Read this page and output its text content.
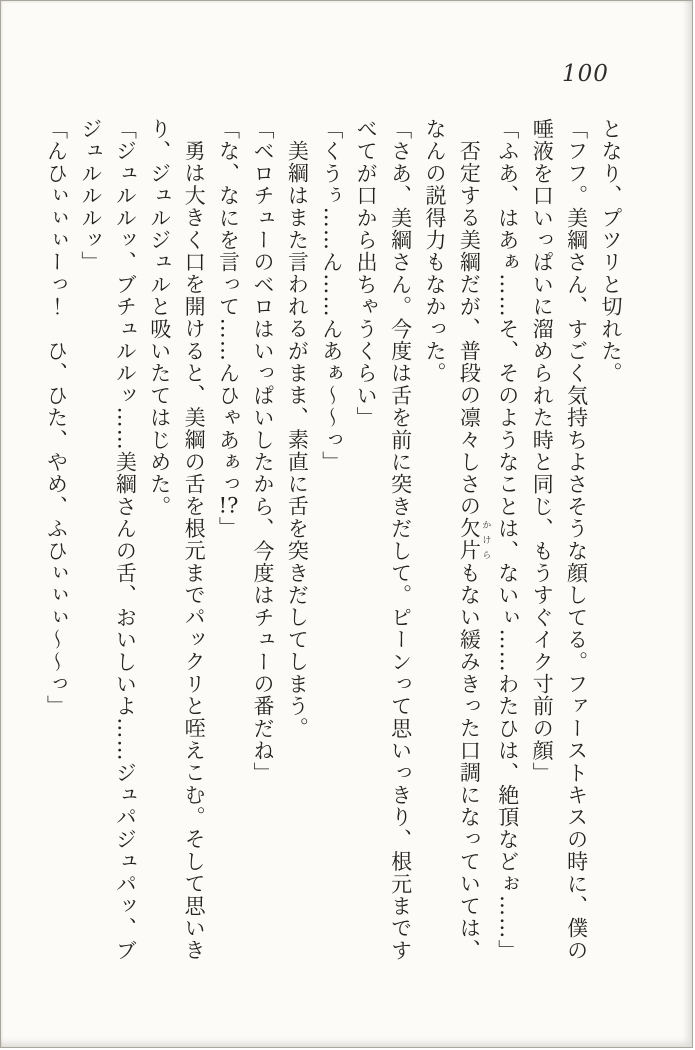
100
となり、プツリと切れた。
「フフ。美綱さん、すごく気持ちよさそうな顔してる。ファーストキスの時に、僕の
唾液を口いっぱいに溜められた時と同じ、もうすぐイク寸前の顔」
「ふあ、はあぁ……そ、そのようなことは、ないぃ……わたひは、絶頂などぉ……」
否定する美綱だが、普段の凛々しさの欠片 かけらもない緩みきった口調になっていては、
なんの説得力もなかった。
「さあ、美綱さん。今度は舌を前に突きだして。ピーンって思いっきり、根元まです
べてが口から出ちゃうくらい」
「くうぅ……ん……んあぁ～～っ」
美綱はまた言われるがまま、素直に舌を突きだしてしまう。
「ベロチューのベロはいっぱいしたから、今度はチューの番だね」
「な、なにを言って……んひゃあぁっ!?」
勇は大きく口を開けると、美綱の舌を根元までパックリと咥えこむ。そして思いき
り、ジュルジュルと吸いたてはじめた。
「ジュルルッ、ブチュルルッ……美綱さんの舌、おいしいよ……ジュパジュパッ、ブ
ジュルルルッ」
「んひぃぃぃーっ！　ひ、ひた、やめ、ふひぃぃぃ～～っ」
